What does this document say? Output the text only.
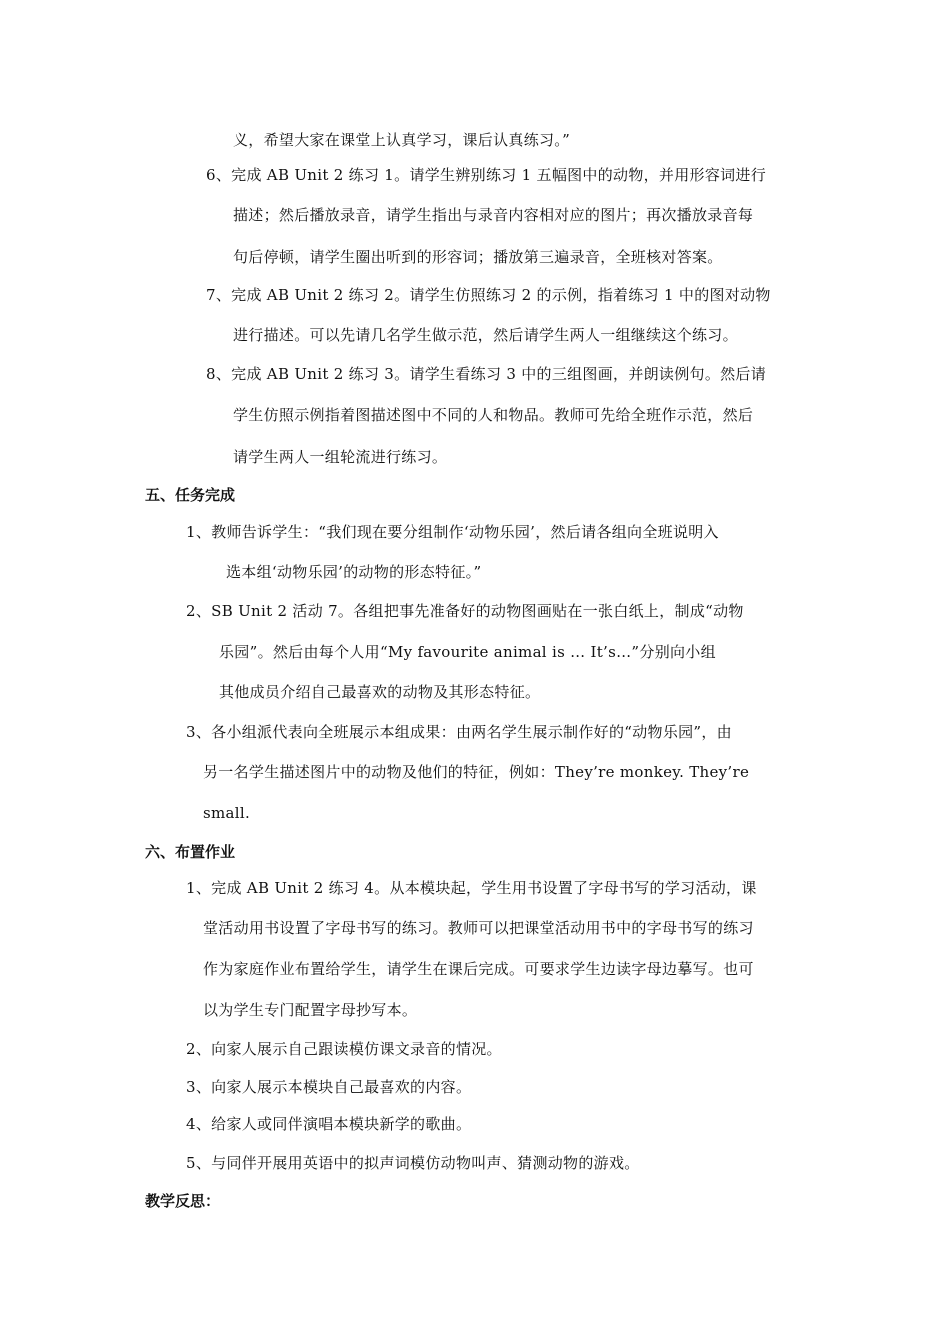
义，希望大家在课堂上认真学习，课后认真练习。”
6、完成 AB Unit 2 练习 1。请学生辨别练习 1 五幅图中的动物，并用形容词进行
描述；然后播放录音，请学生指出与录音内容相对应的图片；再次播放录音每
句后停顿，请学生圈出听到的形容词；播放第三遍录音，全班核对答案。
7、完成 AB Unit 2 练习 2。请学生仿照练习 2 的示例，指着练习 1 中的图对动物
进行描述。可以先请几名学生做示范，然后请学生两人一组继续这个练习。
8、完成 AB Unit 2 练习 3。请学生看练习 3 中的三组图画，并朗读例句。然后请
学生仿照示例指着图描述图中不同的人和物品。教师可先给全班作示范，然后
请学生两人一组轮流进行练习。
五、任务完成
1、教师告诉学生：“我们现在要分组制作‘动物乐园’，然后请各组向全班说明入
选本组‘动物乐园’的动物的形态特征。”
2、SB Unit 2 活动 7。各组把事先准备好的动物图画贴在一张白纸上，制成“动物
乐园”。然后由每个人用“My favourite animal is … It’s…”分别向小组
其他成员介绍自己最喜欢的动物及其形态特征。
3、各小组派代表向全班展示本组成果：由两名学生展示制作好的“动物乐园”，由
另一名学生描述图片中的动物及他们的特征，例如：They’re monkey. They’re
small.
六、布置作业
1、完成 AB Unit 2 练习 4。从本模块起，学生用书设置了字母书写的学习活动，课
堂活动用书设置了字母书写的练习。教师可以把课堂活动用书中的字母书写的练习
作为家庭作业布置给学生，请学生在课后完成。可要求学生边读字母边摹写。也可
以为学生专门配置字母抄写本。
2、向家人展示自己跟读模仿课文录音的情况。
3、向家人展示本模块自己最喜欢的内容。
4、给家人或同伴演唱本模块新学的歌曲。
5、与同伴开展用英语中的拟声词模仿动物叫声、猜测动物的游戏。
教学反思：
